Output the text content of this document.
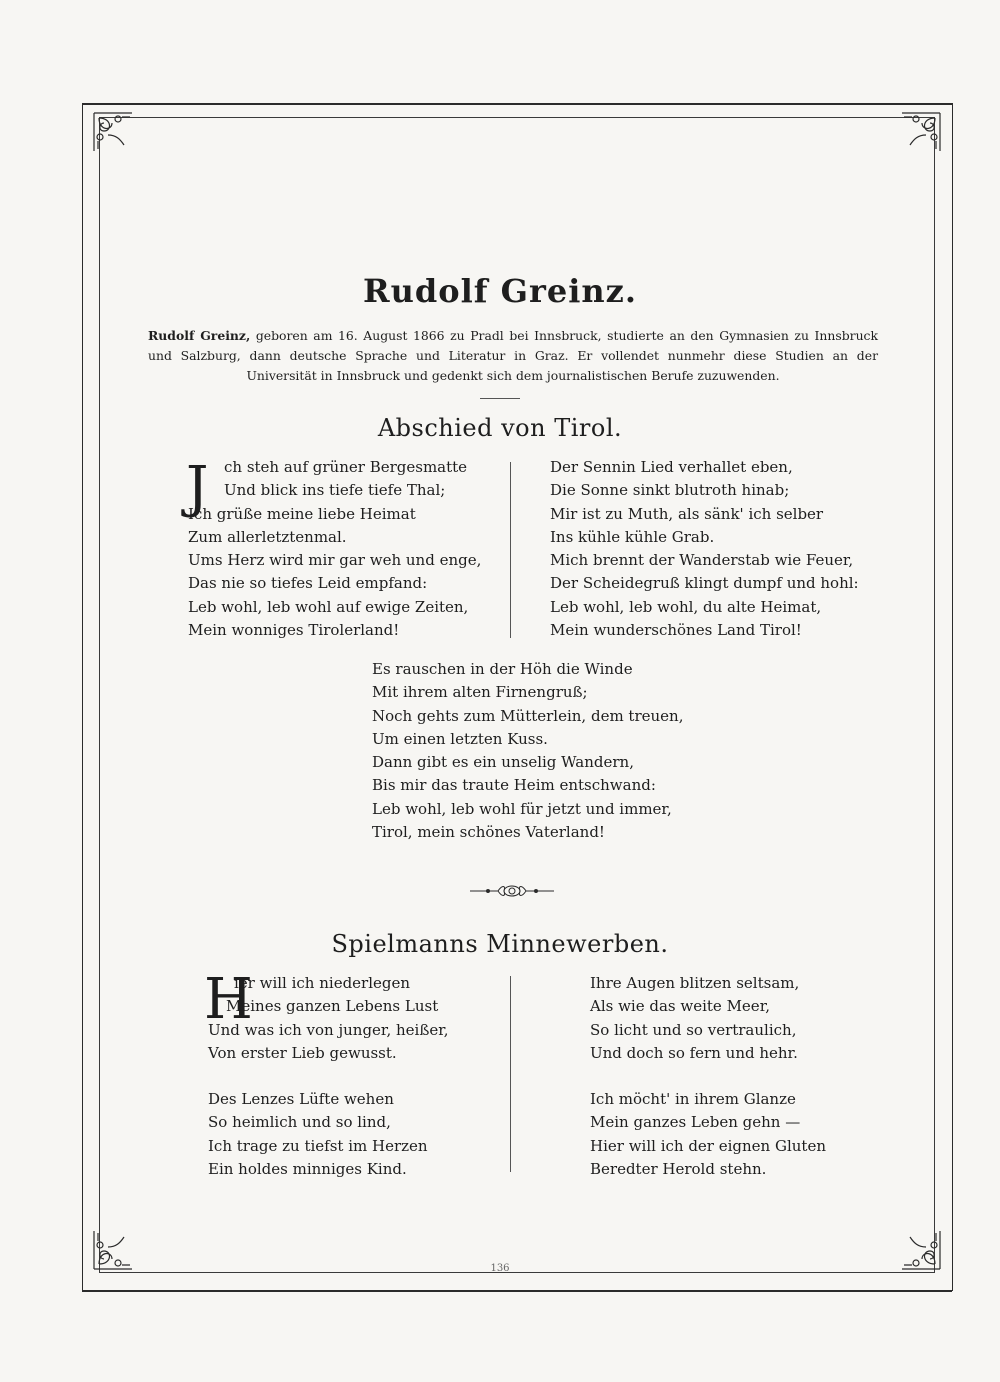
Rudolf Greinz.
Rudolf Greinz, geboren am 16. August 1866 zu Pradl bei Innsbruck, studierte an den Gymnasien zu Innsbruck und Salzburg, dann deutsche Sprache und Literatur in Graz. Er vollendet nunmehr diese Studien an der Universität in Innsbruck und gedenkt sich dem journalistischen Berufe zuzuwenden.
Abschied von Tirol.
J	ch steh auf grüner Bergesmatte
Und blick ins tiefe tiefe Thal;
Ich grüße meine liebe Heimat
Zum allerletztenmal.
Ums Herz wird mir gar weh und enge,
Das nie so tiefes Leid empfand:
Leb wohl, leb wohl auf ewige Zeiten,
Mein wonniges Tirolerland!
Der Sennin Lied verhallet eben,
Die Sonne sinkt blutroth hinab;
Mir ist zu Muth, als sänk' ich selber
Ins kühle kühle Grab.
Mich brennt der Wanderstab wie Feuer,
Der Scheidegruß klingt dumpf und hohl:
Leb wohl, leb wohl, du alte Heimat,
Mein wunderschönes Land Tirol!
Es rauschen in der Höh die Winde
Mit ihrem alten Firnengruß;
Noch gehts zum Mütterlein, dem treuen,
Um einen letzten Kuss.
Dann gibt es ein unselig Wandern,
Bis mir das traute Heim entschwand:
Leb wohl, leb wohl für jetzt und immer,
Tirol, mein schönes Vaterland!
Spielmanns Minnewerben.
H
ier will ich niederlegen
Meines ganzen Lebens Lust
Und was ich von junger, heißer,
Von erster Lieb gewusst.
Des Lenzes Lüfte wehen
So heimlich und so lind,
Ich trage zu tiefst im Herzen
Ein holdes minniges Kind.
Ihre Augen blitzen seltsam,
Als wie das weite Meer,
So licht und so vertraulich,
Und doch so fern und hehr.
Ich möcht' in ihrem Glanze
Mein ganzes Leben gehn —
Hier will ich der eignen Gluten
Beredter Herold stehn.
136
